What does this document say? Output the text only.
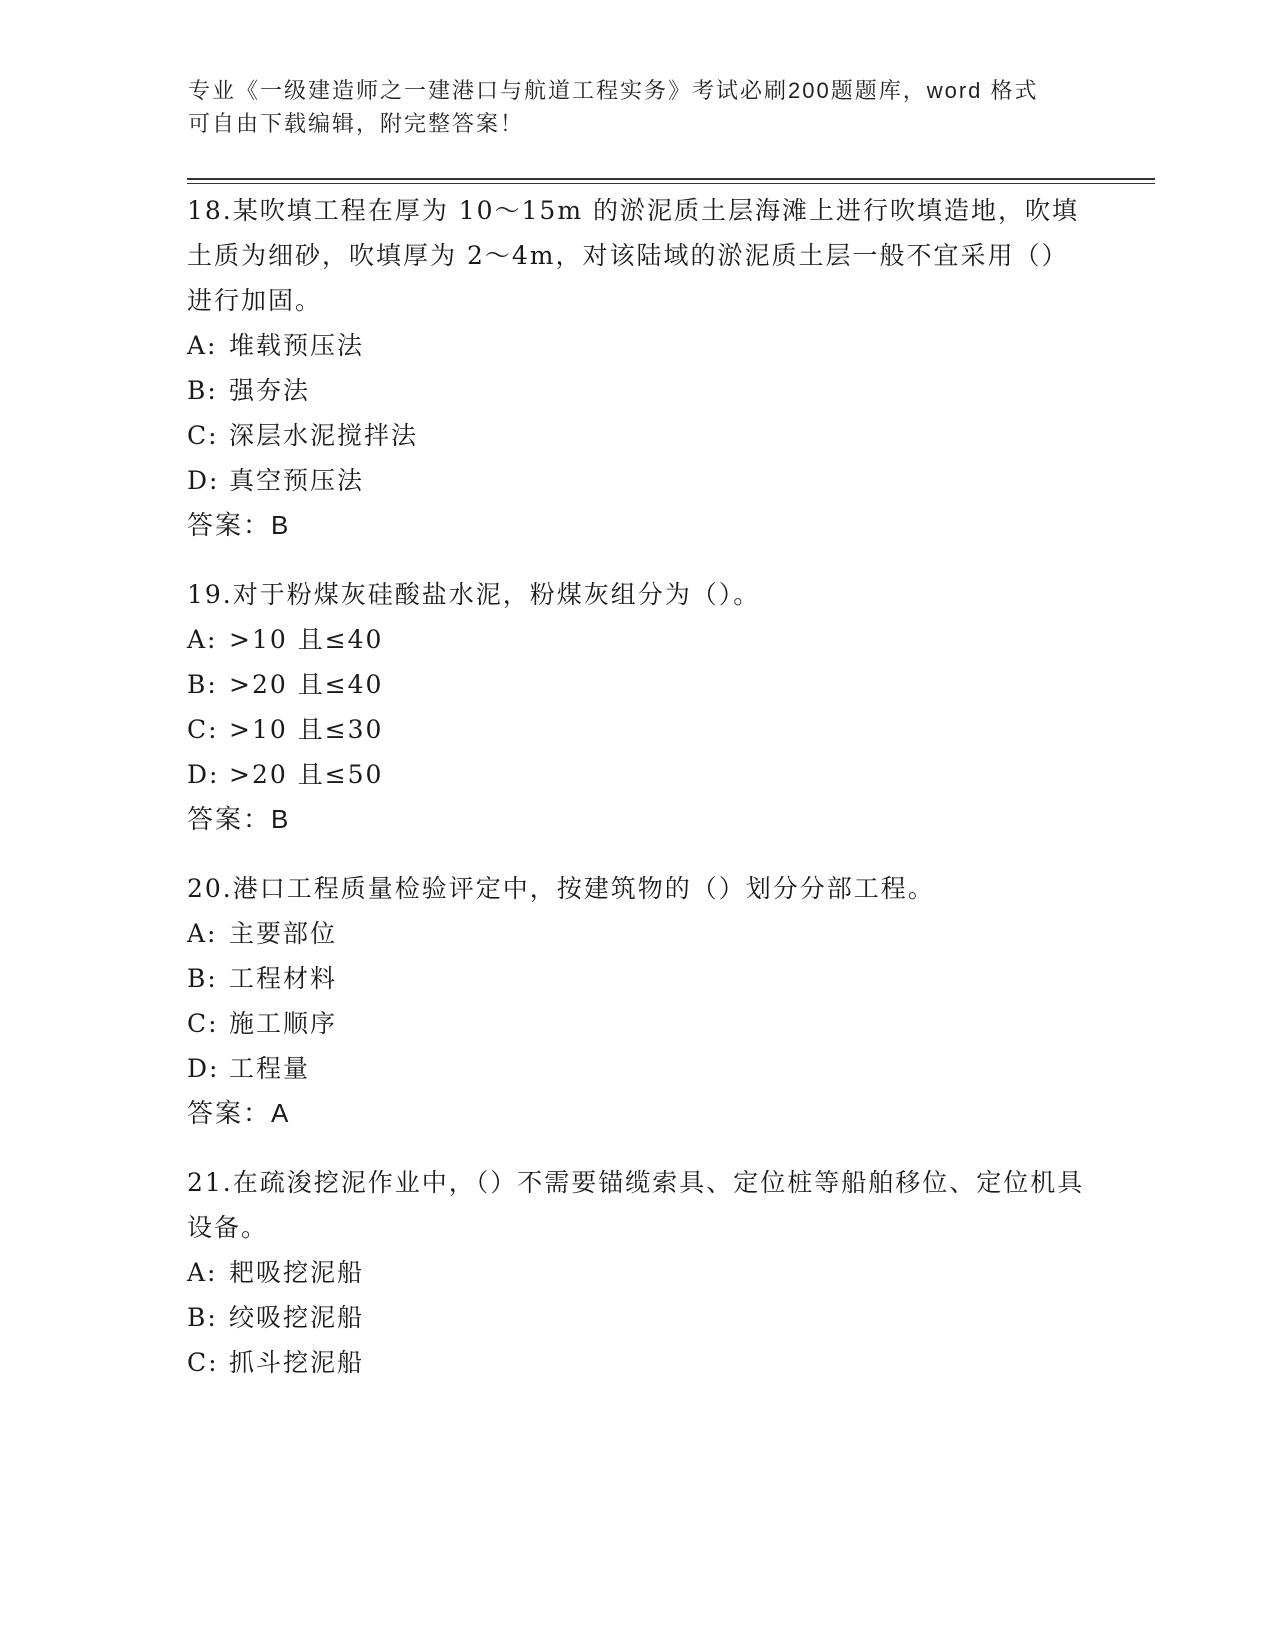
专业《一级建造师之一建港口与航道工程实务》考试必刷200题题库，word 格式
可自由下载编辑，附完整答案！

18.某吹填工程在厚为 10～15m 的淤泥质土层海滩上进行吹填造地，吹填土质为细砂，吹填厚为 2～4m，对该陆域的淤泥质土层一般不宜采用（）进行加固。

A: 堆载预压法

B: 强夯法

C: 深层水泥搅拌法

D: 真空预压法

答案：B

19.对于粉煤灰硅酸盐水泥，粉煤灰组分为（）。

A: >10 且≤40

B: >20 且≤40

C: >10 且≤30

D: >20 且≤50

答案：B

20.港口工程质量检验评定中，按建筑物的（）划分分部工程。

A: 主要部位

B: 工程材料

C: 施工顺序

D: 工程量

答案：A

21.在疏浚挖泥作业中，（）不需要锚缆索具、定位桩等船舶移位、定位机具设备。

A: 耙吸挖泥船

B: 绞吸挖泥船

C: 抓斗挖泥船
